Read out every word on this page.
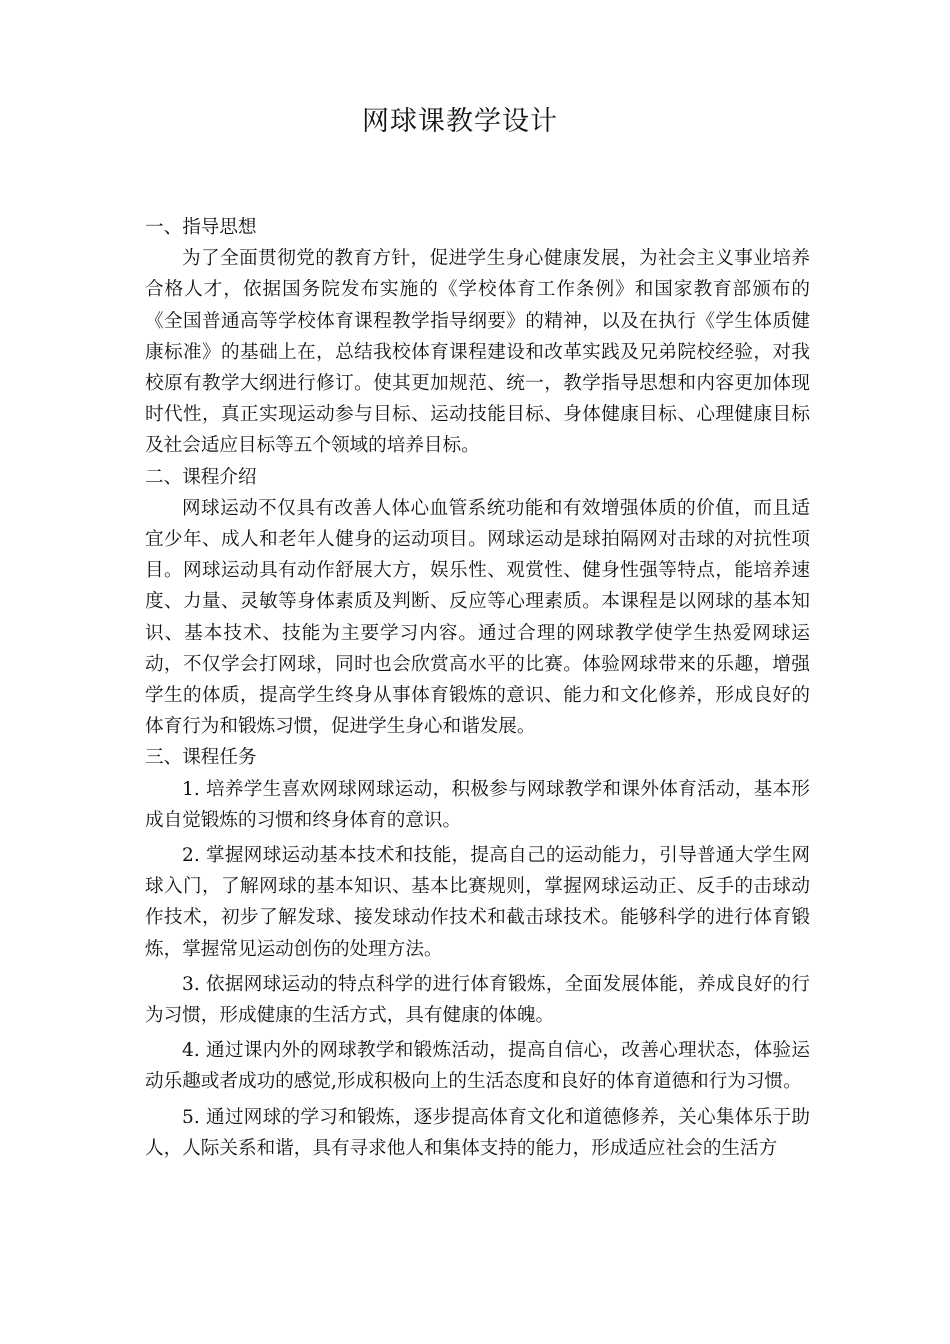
网球课教学设计
一、指导思想

为了全面贯彻党的教育方针，促进学生身心健康发展，为社会主义事业培养合格人才，依据国务院发布实施的《学校体育工作条例》和国家教育部颁布的《全国普通高等学校体育课程教学指导纲要》的精神，以及在执行《学生体质健康标准》的基础上在，总结我校体育课程建设和改革实践及兄弟院校经验，对我校原有教学大纲进行修订。使其更加规范、统一，教学指导思想和内容更加体现时代性，真正实现运动参与目标、运动技能目标、身体健康目标、心理健康目标及社会适应目标等五个领域的培养目标。

二、课程介绍

网球运动不仅具有改善人体心血管系统功能和有效增强体质的价值，而且适宜少年、成人和老年人健身的运动项目。网球运动是球拍隔网对击球的对抗性项目。网球运动具有动作舒展大方，娱乐性、观赏性、健身性强等特点，能培养速度、力量、灵敏等身体素质及判断、反应等心理素质。本课程是以网球的基本知识、基本技术、技能为主要学习内容。通过合理的网球教学使学生热爱网球运动，不仅学会打网球，同时也会欣赏高水平的比赛。体验网球带来的乐趣，增强学生的体质，提高学生终身从事体育锻炼的意识、能力和文化修养，形成良好的体育行为和锻炼习惯，促进学生身心和谐发展。

三、课程任务

1. 培养学生喜欢网球网球运动，积极参与网球教学和课外体育活动，基本形成自觉锻炼的习惯和终身体育的意识。

2. 掌握网球运动基本技术和技能，提高自己的运动能力，引导普通大学生网球入门，了解网球的基本知识、基本比赛规则，掌握网球运动正、反手的击球动作技术，初步了解发球、接发球动作技术和截击球技术。能够科学的进行体育锻炼，掌握常见运动创伤的处理方法。

3. 依据网球运动的特点科学的进行体育锻炼，全面发展体能，养成良好的行为习惯，形成健康的生活方式，具有健康的体魄。

4. 通过课内外的网球教学和锻炼活动，提高自信心，改善心理状态，体验运动乐趣或者成功的感觉,形成积极向上的生活态度和良好的体育道德和行为习惯。

5. 通过网球的学习和锻炼，逐步提高体育文化和道德修养，关心集体乐于助人，人际关系和谐，具有寻求他人和集体支持的能力，形成适应社会的生活方
